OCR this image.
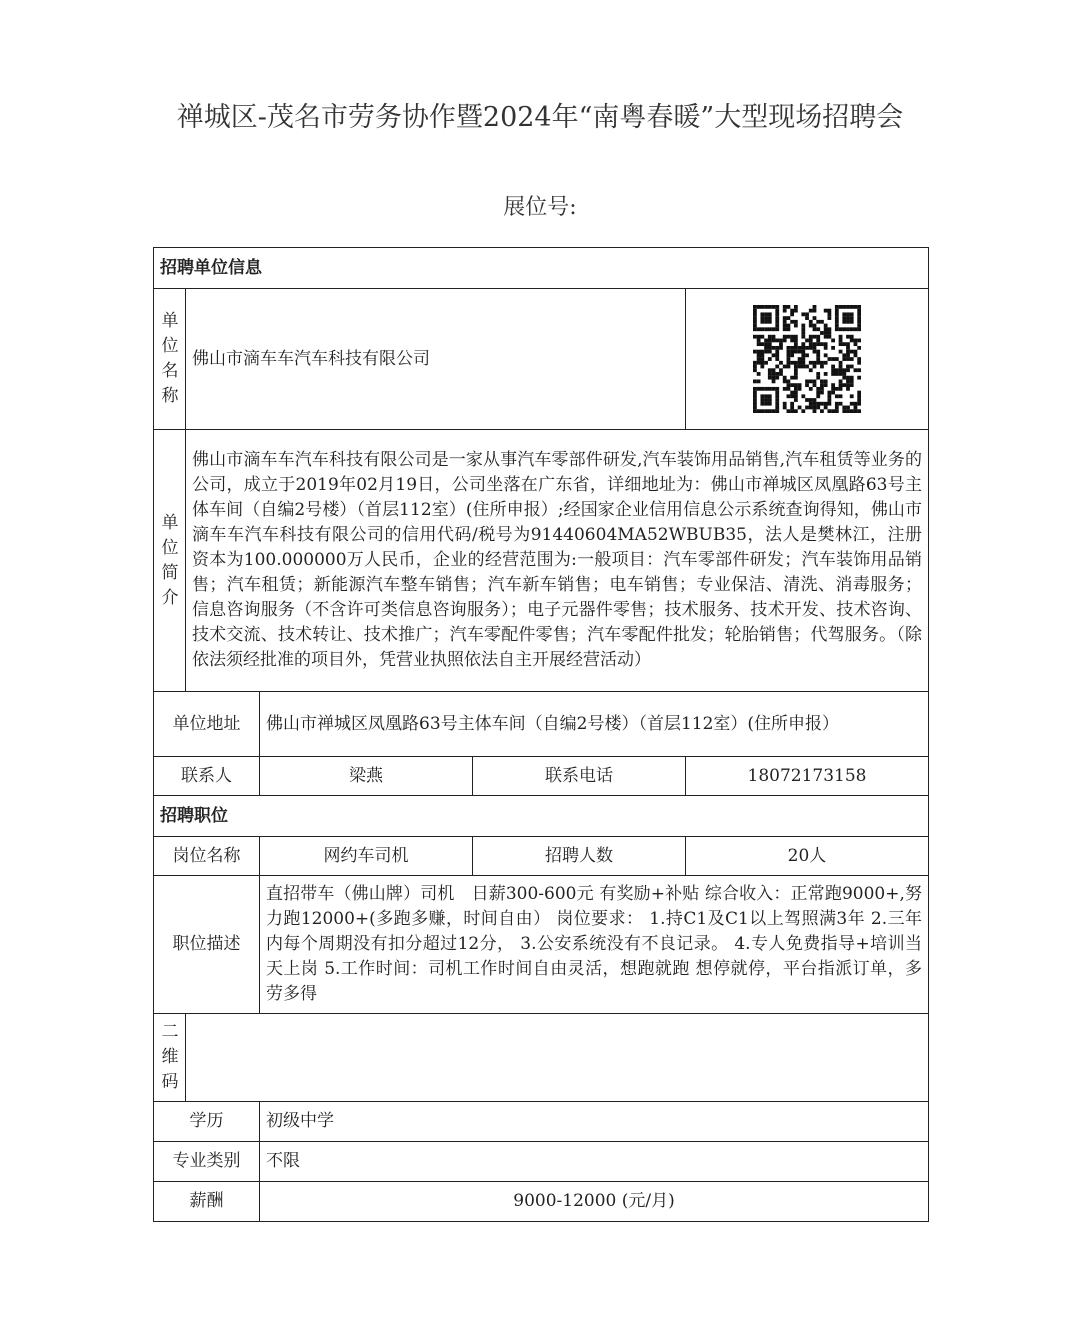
禅城区-茂名市劳务协作暨2024年“南粤春暖”大型现场招聘会
展位号:
招聘单位信息				
单位名称	佛山市滴车车汽车科技有限公司	
单位简介	佛山市滴车车汽车科技有限公司是一家从事汽车零部件研发,汽车装饰用品销售,汽车租赁等业务的公司，成立于2019年02月19日，公司坐落在广东省，详细地址为：佛山市禅城区凤凰路63号主体车间（自编2号楼）（首层112室）(住所申报）;经国家企业信用信息公示系统查询得知，佛山市滴车车汽车科技有限公司的信用代码/税号为91440604MA52WBUB35，法人是樊林江，注册资本为100.000000万人民币，企业的经营范围为:一般项目：汽车零部件研发；汽车装饰用品销售；汽车租赁；新能源汽车整车销售；汽车新车销售；电车销售；专业保洁、清洗、消毒服务；信息咨询服务（不含许可类信息咨询服务）；电子元器件零售；技术服务、技术开发、技术咨询、技术交流、技术转让、技术推广；汽车零配件零售；汽车零配件批发；轮胎销售；代驾服务。（除依法须经批准的项目外，凭营业执照依法自主开展经营活动）			
单位地址		佛山市禅城区凤凰路63号主体车间（自编2号楼）（首层112室）(住所申报）		
联系人		梁燕	联系电话	18072173158
招聘职位				
岗位名称		网约车司机	招聘人数	20人
职位描述		直招带车（佛山牌）司机　日薪300-600元 有奖励+补贴 综合收入：正常跑9000+,努力跑12000+(多跑多赚，时间自由） 岗位要求： 1.持C1及C1以上驾照满3年 2.三年内每个周期没有扣分超过12分， 3.公安系统没有不良记录。 4.专人免费指导+培训当天上岗 5.工作时间：司机工作时间自由灵活，想跑就跑 想停就停，平台指派订单，多劳多得		
二维码				
学历		初级中学		
专业类别		不限		
薪酬		9000-12000 (元/月)		
